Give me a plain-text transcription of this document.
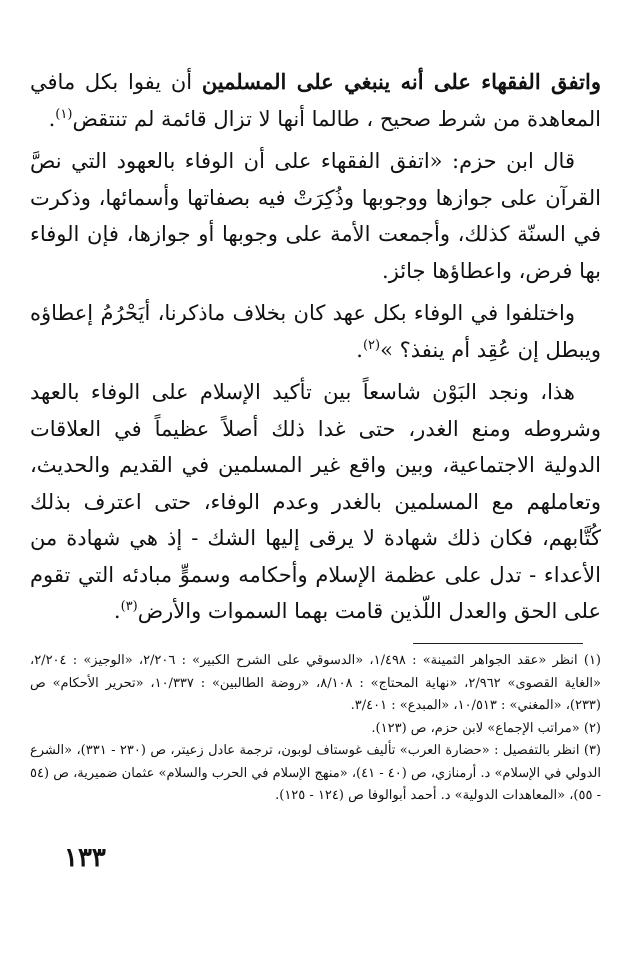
واتفق الفقهاء على أنه ينبغي على المسلمين أن يفوا بكل مافي المعاهدة من شرط صحيح ، طالما أنها لا تزال قائمة لم تنتقض$^{(١)}$.

قال ابن حزم: «اتفق الفقهاء على أن الوفاء بالعهود التي نصَّ القرآن على جوازها ووجوبها وذُكِرَتْ فيه بصفاتها وأسمائها، وذكرت في السنّة كذلك، وأجمعت الأمة على وجوبها أو جوازها، فإن الوفاء بها فرض، واعطاؤها جائز.

واختلفوا في الوفاء بكل عهد كان بخلاف ماذكرنا، أيَحْرُمُ إعطاؤه ويبطل إن عُقِد أم ينفذ؟ »$^{(٢)}$.

هذا، ونجد البَوْن شاسعاً بين تأكيد الإسلام على الوفاء بالعهد وشروطه ومنع الغدر، حتى غدا ذلك أصلاً عظيماً في العلاقات الدولية الاجتماعية، وبين واقع غير المسلمين في القديم والحديث، وتعاملهم مع المسلمين بالغدر وعدم الوفاء، حتى اعترف بذلك كُتَّابهم، فكان ذلك شهادة لا يرقى إليها الشك - إذ هي شهادة من الأعداء - تدل على عظمة الإسلام وأحكامه وسموٍّ مبادئه التي تقوم على الحق والعدل اللّذين قامت بهما السموات والأرض$^{(٣)}$.

(١) انظر «عقد الجواهر الثمينة» : ١/٤٩٨، «الدسوقي على الشرح الكبير» : ٢/٢٠٦، «الوجيز» : ٢/٢٠٤، «الغاية القصوى» ٢/٩٦٢، «نهاية المحتاج» : ٨/١٠٨، «روضة الطالبين» : ١٠/٣٣٧، «تحرير الأحكام» ص (٢٣٣)، «المغني» : ١٠/٥١٣، «المبدع» : ٣/٤٠١.

(٢) «مراتب الإجماع» لابن حزم، ص (١٢٣).

(٣) انظر بالتفصيل : «حضارة العرب» تأليف غوستاف لوبون، ترجمة عادل زعيتر، ص (٢٣٠ - ٣٣١)، «الشرع الدولي في الإسلام» د. أرمنازي، ص (٤٠ - ٤١)، «منهج الإسلام في الحرب والسلام» عثمان ضميرية، ص (٥٤ - ٥٥)، «المعاهدات الدولية» د. أحمد أبوالوفا ص (١٢٤ - ١٢٥).

١٣٣
